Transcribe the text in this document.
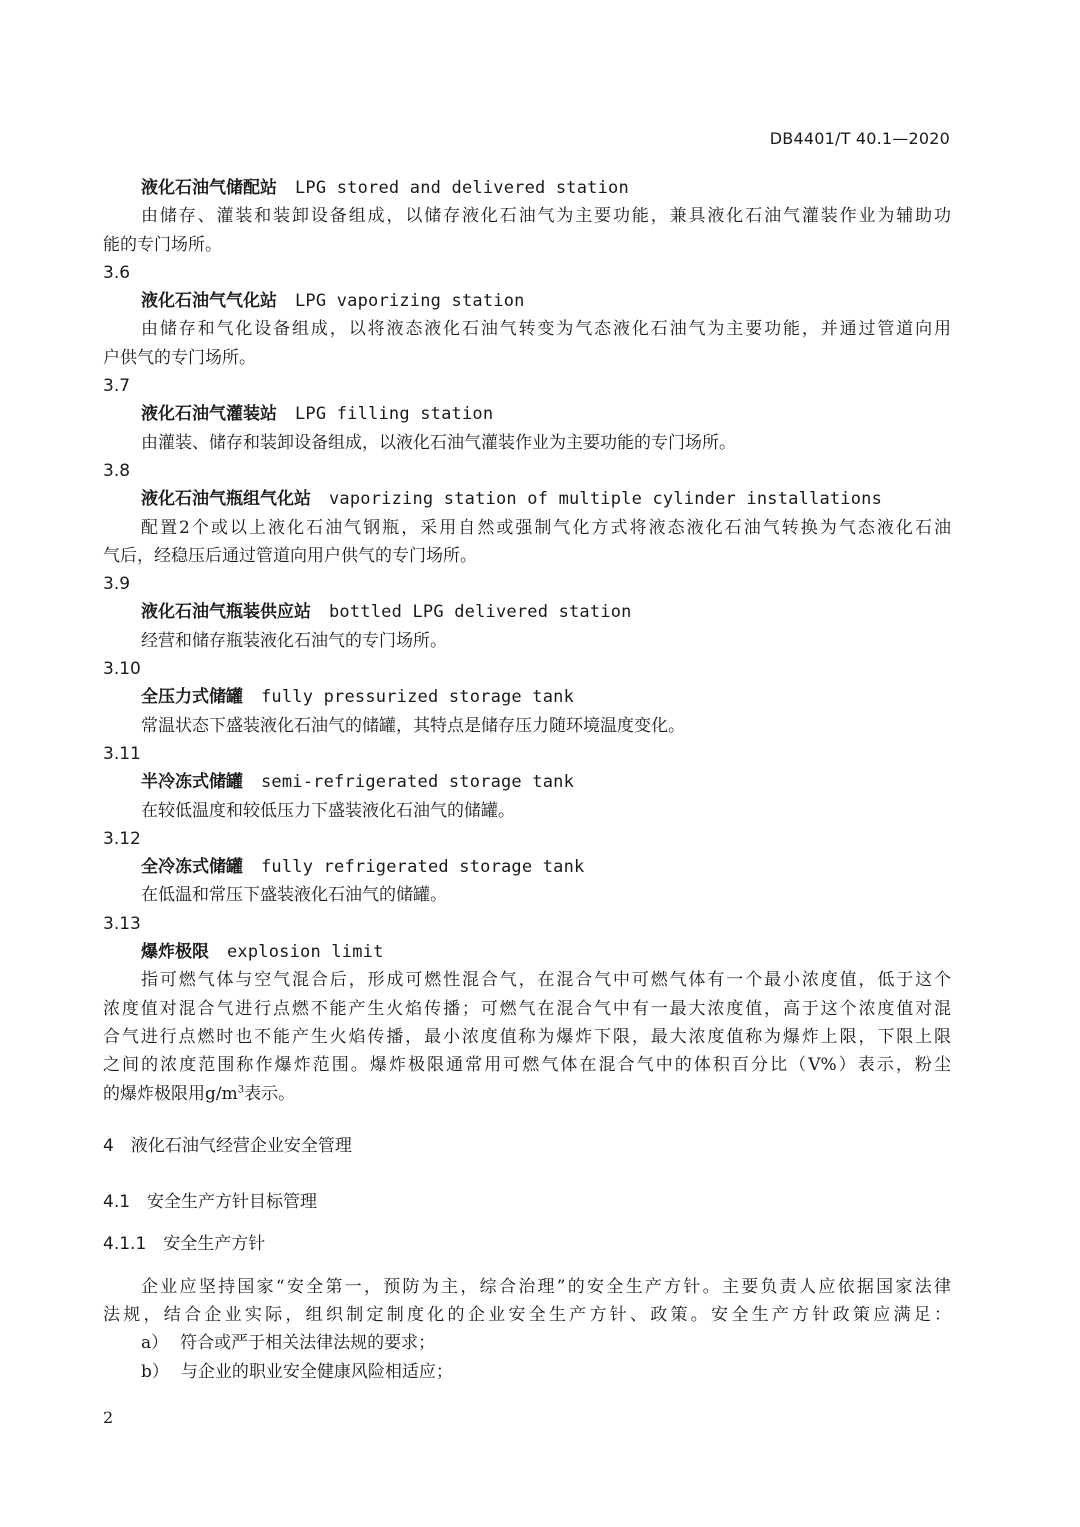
DB4401/T 40.1—2020
液化石油气储配站 LPG stored and delivered station
由储存、灌装和装卸设备组成，以储存液化石油气为主要功能，兼具液化石油气灌装作业为辅助功
能的专门场所。
3.6
液化石油气气化站 LPG vaporizing station
由储存和气化设备组成，以将液态液化石油气转变为气态液化石油气为主要功能，并通过管道向用
户供气的专门场所。
3.7
液化石油气灌装站 LPG filling station
由灌装、储存和装卸设备组成，以液化石油气灌装作业为主要功能的专门场所。
3.8
液化石油气瓶组气化站 vaporizing station of multiple cylinder installations
配置2个或以上液化石油气钢瓶，采用自然或强制气化方式将液态液化石油气转换为气态液化石油
气后，经稳压后通过管道向用户供气的专门场所。
3.9
液化石油气瓶装供应站 bottled LPG delivered station
经营和储存瓶装液化石油气的专门场所。
3.10
全压力式储罐 fully pressurized storage tank
常温状态下盛装液化石油气的储罐，其特点是储存压力随环境温度变化。
3.11
半冷冻式储罐 semi-refrigerated storage tank
在较低温度和较低压力下盛装液化石油气的储罐。
3.12
全冷冻式储罐 fully refrigerated storage tank
在低温和常压下盛装液化石油气的储罐。
3.13
爆炸极限 explosion limit
指可燃气体与空气混合后，形成可燃性混合气，在混合气中可燃气体有一个最小浓度值，低于这个
浓度值对混合气进行点燃不能产生火焰传播；可燃气在混合气中有一最大浓度值，高于这个浓度值对混
合气进行点燃时也不能产生火焰传播，最小浓度值称为爆炸下限，最大浓度值称为爆炸上限，下限上限
之间的浓度范围称作爆炸范围。爆炸极限通常用可燃气体在混合气中的体积百分比（V%）表示，粉尘
的爆炸极限用$g/m^3$表示。
4 液化石油气经营企业安全管理
4.1 安全生产方针目标管理
4.1.1 安全生产方针
企业应坚持国家“安全第一，预防为主，综合治理”的安全生产方针。主要负责人应依据国家法律
法规，结合企业实际，组织制定制度化的企业安全生产方针、政策。安全生产方针政策应满足：
a） 符合或严于相关法律法规的要求；
b） 与企业的职业安全健康风险相适应；
2
